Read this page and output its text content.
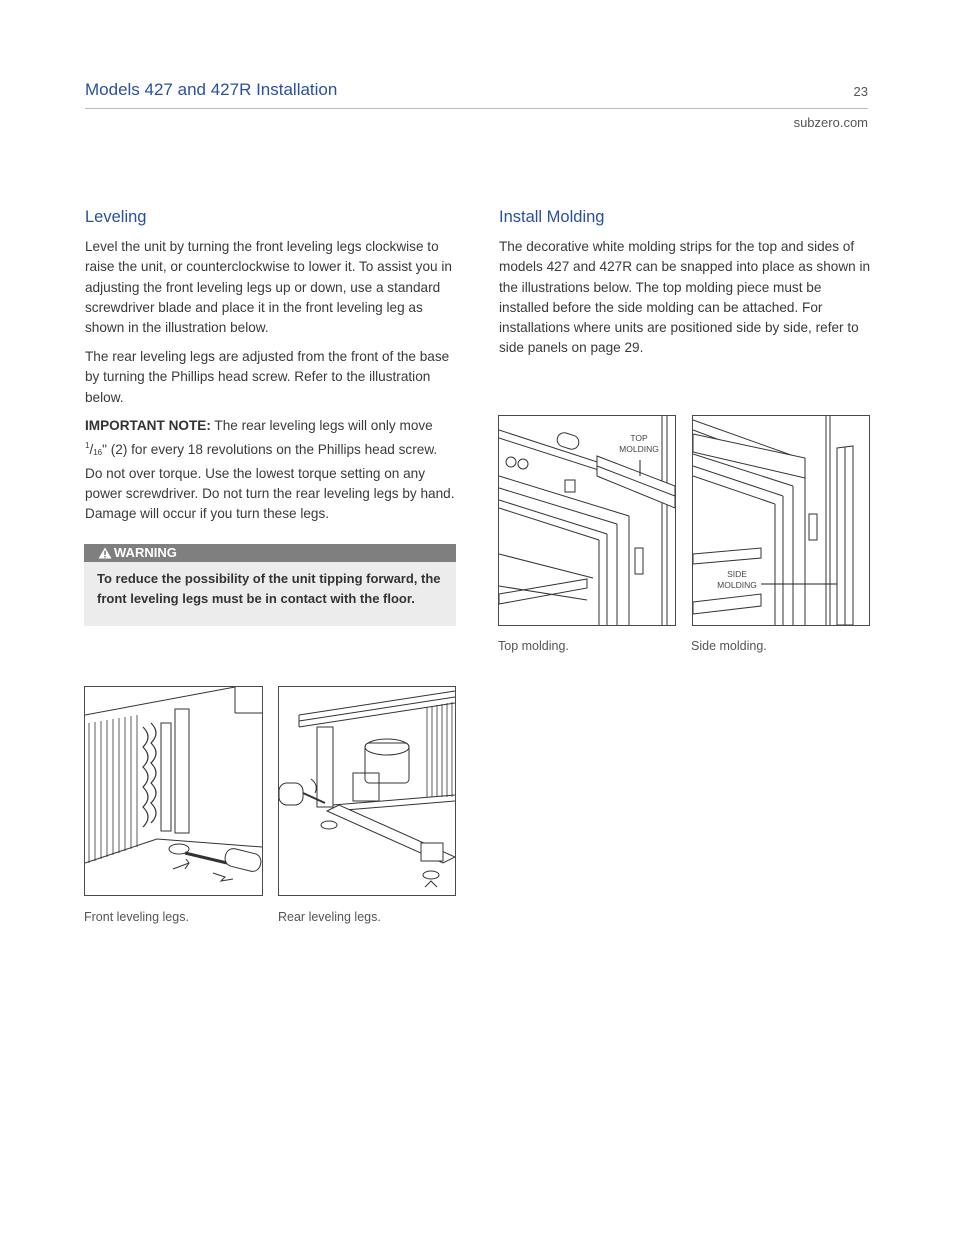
Models 427 and 427R Installation	23
subzero.com
Leveling

Level the unit by turning the front leveling legs clockwise to raise the unit, or counterclockwise to lower it. To assist you in adjusting the front leveling legs up or down, use a standard screwdriver blade and place it in the front leveling leg as shown in the illustration below.

The rear leveling legs are adjusted from the front of the base by turning the Phillips head screw. Refer to the illustration below.

IMPORTANT NOTE: The rear leveling legs will only move $^1/_{16}$" (2) for every 18 revolutions on the Phillips head screw. Do not over torque. Use the lowest torque setting on any power screwdriver. Do not turn the rear leveling legs by hand. Damage will occur if you turn these legs.

WARNING
To reduce the possibility of the unit tipping forward, the front leveling legs must be in contact with the floor.
Install Molding

The decorative white molding strips for the top and sides of models 427 and 427R can be snapped into place as shown in the illustrations below. The top molding piece must be installed before the side molding can be attached. For installations where units are positioned side by side, refer to side panels on page 29.

TOP
MOLDING
Top molding.
SIDE
MOLDING
Side molding.
Front leveling legs.	Rear leveling legs.
